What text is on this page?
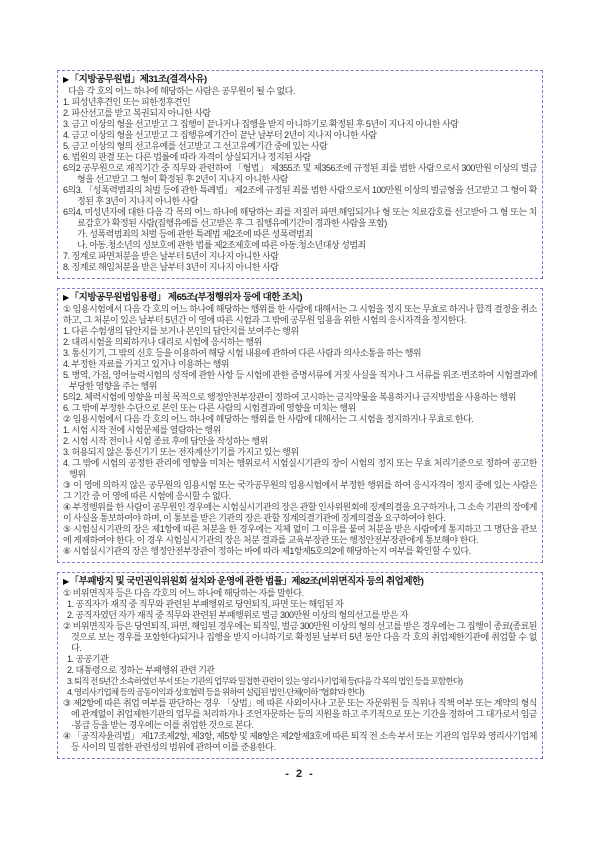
▶ 「지방공무원법」제31조(결격사유)
다음 각 호의 어느 하나에 해당하는 사람은 공무원이 될 수 없다.
1. 피성년후견인 또는 피한정후견인
2. 파산선고를 받고 복권되지 아니한 사람
3. 금고 이상의 형을 선고받고 그 집행이 끝나거나 집행을 받지 아니하기로 확정된 후 5년이 지나지 아니한 사람
4. 금고 이상의 형을 선고받고 그 집행유예기간이 끝난 날부터 2년이 지나지 아니한 사람
5. 금고 이상의 형의 선고유예를 선고받고 그 선고유예기간 중에 있는 사람
6. 법원의 판결 또는 다른 법률에 따라 자격이 상실되거나 정지된 사람
6의2 공무원으로 재직기간 중 직무와 관련하여 「형법」 제355조 및 제356조에 규정된 죄를 범한 사람으로서 300만원 이상의 벌금형을 선고받고 그 형이 확정된 후 2년이 지나지 아니한 사람
6의3. 「성폭력범죄의 처벌 등에 관한 특례법」 제2조에 규정된 죄를 범한 사람으로서 100만원 이상의 벌금형을 선고받고 그 형이 확정된 후 3년이 지나지 아니한 사람
6의4. 미성년자에 대한 다음 각 목의 어느 하나에 해당하는 죄를 저질러 파면.해임되거나 형 또는 치료감호를 선고받아 그 형 또는 치료감호가 확정된 사람(집행유예를 선고받은 후 그 집행유예기간이 경과한 사람을 포함)
가. 성폭력범죄의 처벌 등에 관한 특례법 제2조에 따른 성폭력범죄
나. 아동.청소년의 성보호에 관한 법률 제2조제호에 따른 아동.청소년대상 성범죄
7. 징계로 파면처분을 받은 날부터 5년이 지나지 아니한 사람
8. 징계로 해임처분을 받은 날부터 3년이 지나지 아니한 사람
▶ 「지방공무원법임용령」 제65조(부정행위자 등에 대한 조치)
① 임용시험에서 다음 각 호의 어느 하나에 해당하는 행위를 한 사람에 대해서는 그 시험을 정지 또는 무효로 하거나 합격 결정을 취소하고, 그 처분이 있은 날부터 5년간 이 영에 따른 시험과 그 밖에 공무원 임용을 위한 시험의 응시자격을 정지한다.
1. 다른 수험생의 답안지를 보거나 본인의 답안지를 보여주는 행위
2. 대리시험을 의뢰하거나 대리로 시험에 응시하는 행위
3. 통신기기, 그 밖의 신호 등을 이용하여 해당 시험 내용에 관하여 다른 사람과 의사소통을 하는 행위
4. 부정한 자료를 가지고 있거나 이용하는 행위
5. 병역, 가점, 영어능력시험의 성적에 관한 사항 등 시험에 관한 증명서류에 거짓 사실을 적거나 그 서류를 위조·변조하여 시험결과에 부당한 영향을 주는 행위
5의2. 체력시험에 영향을 미칠 목적으로 행정안전부장관이 정하여 고시하는 금지약물을 복용하거나 금지방법을 사용하는 행위
6. 그 밖에 부정한 수단으로 본인 또는 다른 사람의 시험결과에 영향을 미치는 행위
② 임용시험에서 다음 각 호의 어느 하나에 해당하는 행위를 한 사람에 대해서는 그 시험을 정지하거나 무효로 한다.
1. 시험 시작 전에 시험문제를 열람하는 행위
2. 시험 시작 전이나 시험 종료 후에 답안을 작성하는 행위
3. 허용되지 않은 통신기기 또는 전자계산기기를 가지고 있는 행위
4. 그 밖에 시험의 공정한 관리에 영향을 미치는 행위로서 시험실시기관의 장이 시험의 정지 또는 무효 처리기준으로 정하여 공고한 행위
③ 이 영에 의하지 않은 공무원의 임용시험 또는 국가공무원의 임용시험에서 부정한 행위를 하여 응시자격이 정지 중에 있는 사람은 그 기간 중 이 영에 따른 시험에 응시할 수 없다.
④ 부정행위를 한 사람이 공무원인 경우에는 시험실시기관의 장은 관할 인사위원회에 징계의결을 요구하거나, 그 소속 기관의 장에게 이 사실을 통보하여야 하며, 이 통보를 받은 기관의 장은 관할 징계의결기관에 징계의결을 요구하여야 한다.
⑤ 시험실시기관의 장은 제1항에 따른 처분을 한 경우에는 지체 없이 그 이유를 붙여 처분을 받은 사람에게 통지하고 그 명단을 관보에 게재하여야 한다. 이 경우 시험실시기관의 장은 처분 결과를 교육부장관 또는 행정안전부장관에게 통보해야 한다.
⑥ 시험실시기관의 장은 행정안전부장관이 정하는 바에 따라 제1항제5호의2에 해당하는지 여부를 확인할 수 있다.
▶ 「부패방지 및 국민권익위원회 설치와 운영에 관한 법률」제82조(비위면직자 등의 취업제한)
① 비위면직자 등은 다음 각호의 어느 하나에 해당하는 자를 말한다.
1. 공직자가 재직 중 직무와 관련된 부패행위로 당연퇴직, 파면 또는 해임된 자
2. 공직자였던 자가 재직 중 직무와 관련된 부패행위로 벌금 300만원 이상의 형의선고를 받은 자
② 비위면직자 등은 당연퇴직, 파면, 해임된 경우에는 퇴직일, 벌금 300만원 이상의 형의 선고를 받은 경우에는 그 집행이 종료(종료된 것으로 보는 경우를 포함한다)되거나 집행을 받지 아니하기로 확정된 날부터 5년 동안 다음 각 호의 취업제한기관에 취업할 수 없다.
1. 공공기관
2. 대통령으로 정하는 부패행위 관련 기관
3. 퇴직 전 5년간 소속하였던 부서 또는 기관의 업무와 밀접한 관련이 있는 영리사기업체 등(다음 각 목의 법인 등을 포함한다)
4. 영리사기업체 등의 공동이익과 상호협력 등을 위하여 설립된 법인·단체(이하 "협회"라 한다)
③ 제2항에 따른 취업 여부를 판단하는 경우 「상법」에 따른 사외이사나 고문 또는 자문위원 등 직위나 직책 여부 또는 계약의 형식에 관계없이 취업제한기관의 업무를 처리하거나 조언자문하는 등의 지원을 하고 주기적으로 또는 기간을 정하여 그 대가로서 임금·봉급 등을 받는 경우에는 이를 취업한 것으로 본다.
④ 「공직자윤리법」 제17조제2항, 제3항, 제5항 및 제8항은 제2항제3호에 따른 퇴직 전 소속 부서 또는 기관의 업무와 영리사기업체 등 사이의 밀접한 관련성의 범위에 관하여 이를 준용한다.
- 2 -
